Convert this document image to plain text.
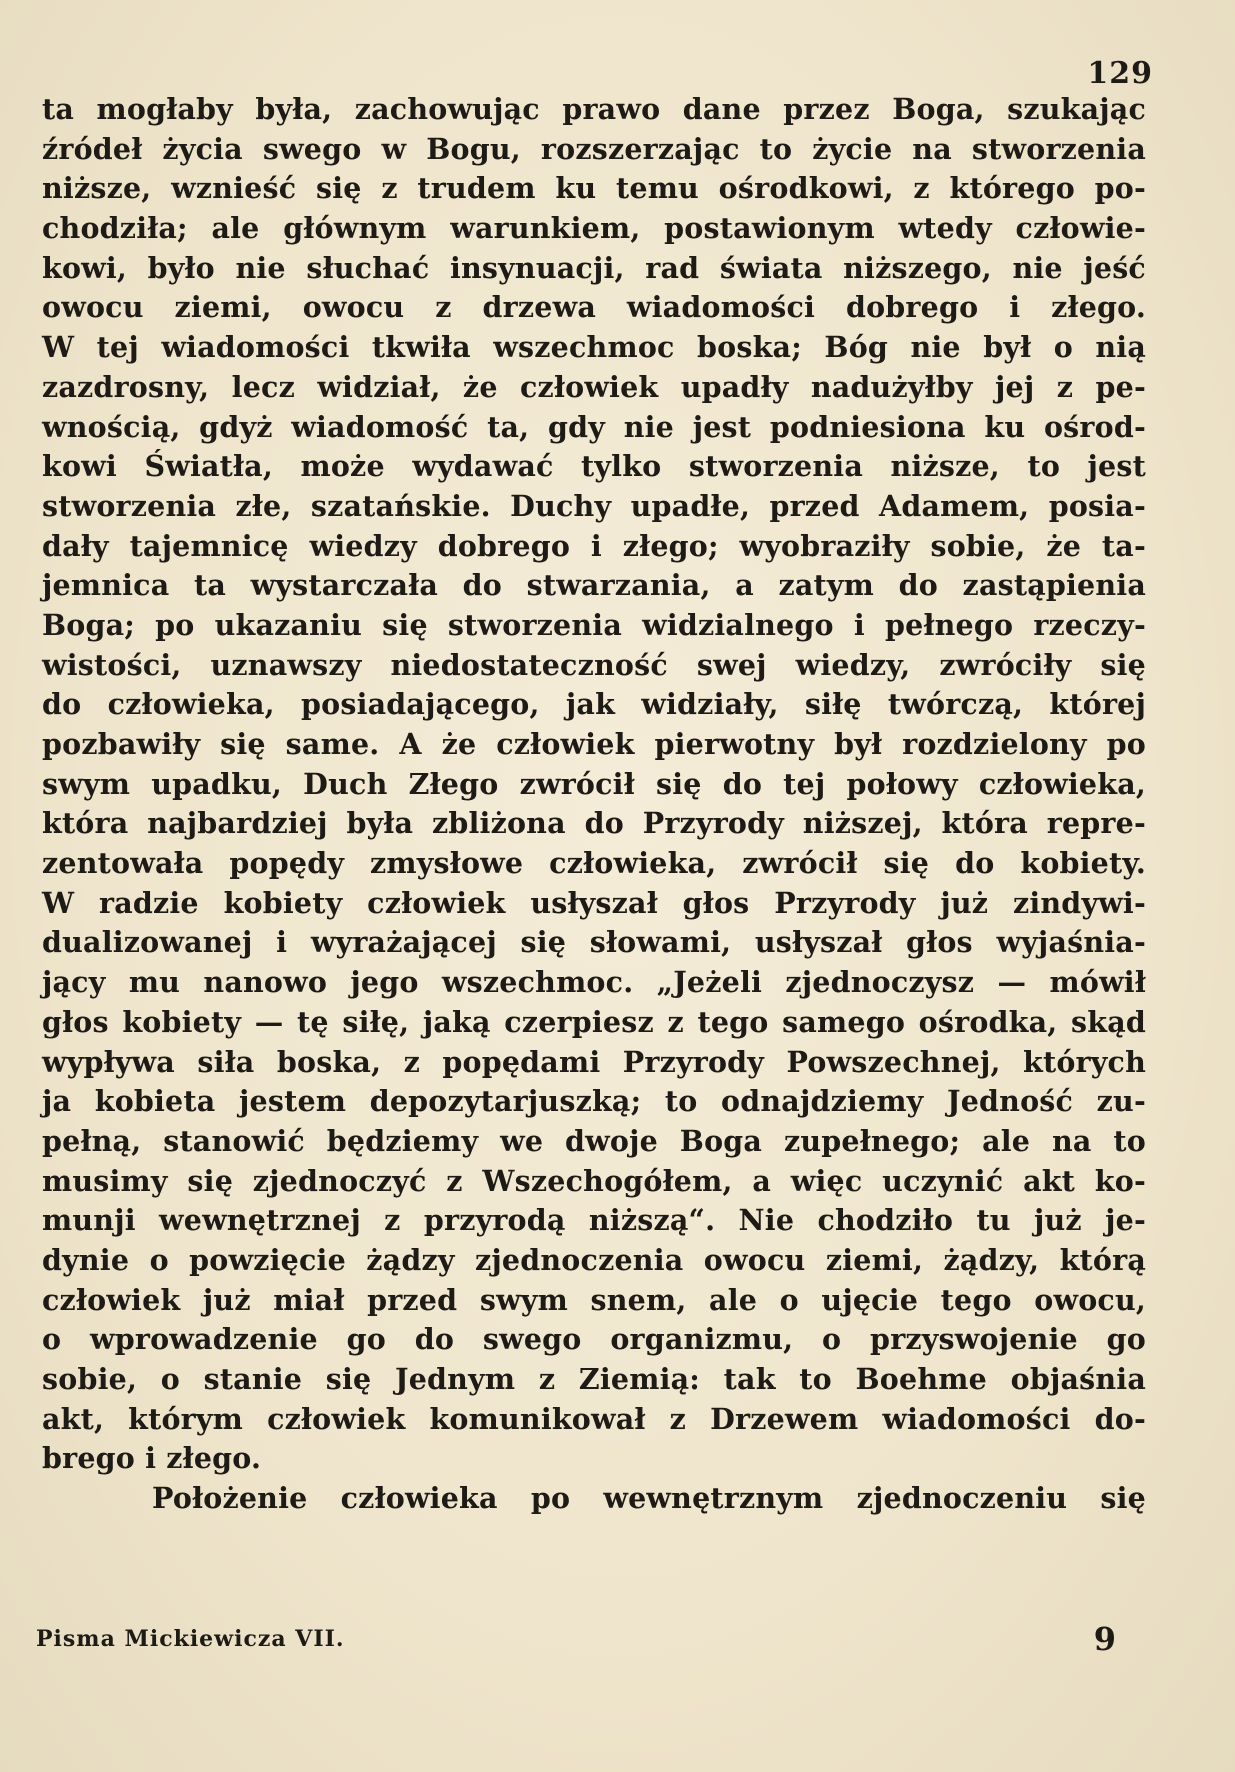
129
ta mogłaby była, zachowując prawo dane przez Boga, szukając
źródeł życia swego w Bogu, rozszerzając to życie na stworzenia
niższe, wznieść się z trudem ku temu ośrodkowi, z którego po-
chodziła; ale głównym warunkiem, postawionym wtedy człowie-
kowi, było nie słuchać insynuacji, rad świata niższego, nie jeść
owocu ziemi, owocu z drzewa wiadomości dobrego i złego.
W tej wiadomości tkwiła wszechmoc boska; Bóg nie był o nią
zazdrosny, lecz widział, że człowiek upadły nadużyłby jej z pe-
wnością, gdyż wiadomość ta, gdy nie jest podniesiona ku ośrod-
kowi Światła, może wydawać tylko stworzenia niższe, to jest
stworzenia złe, szatańskie. Duchy upadłe, przed Adamem, posia-
dały tajemnicę wiedzy dobrego i złego; wyobraziły sobie, że ta-
jemnica ta wystarczała do stwarzania, a zatym do zastąpienia
Boga; po ukazaniu się stworzenia widzialnego i pełnego rzeczy-
wistości, uznawszy niedostateczność swej wiedzy, zwróciły się
do człowieka, posiadającego, jak widziały, siłę twórczą, której
pozbawiły się same. A że człowiek pierwotny był rozdzielony po
swym upadku, Duch Złego zwrócił się do tej połowy człowieka,
która najbardziej była zbliżona do Przyrody niższej, która repre-
zentowała popędy zmysłowe człowieka, zwrócił się do kobiety.
W radzie kobiety człowiek usłyszał głos Przyrody już zindywi-
dualizowanej i wyrażającej się słowami, usłyszał głos wyjaśnia-
jący mu nanowo jego wszechmoc. „Jeżeli zjednoczysz — mówił
głos kobiety — tę siłę, jaką czerpiesz z tego samego ośrodka, skąd
wypływa siła boska, z popędami Przyrody Powszechnej, których
ja kobieta jestem depozytarjuszką; to odnajdziemy Jedność zu-
pełną, stanowić będziemy we dwoje Boga zupełnego; ale na to
musimy się zjednoczyć z Wszechogółem, a więc uczynić akt ko-
munji wewnętrznej z przyrodą niższą“. Nie chodziło tu już je-
dynie o powzięcie żądzy zjednoczenia owocu ziemi, żądzy, którą
człowiek już miał przed swym snem, ale o ujęcie tego owocu,
o wprowadzenie go do swego organizmu, o przyswojenie go
sobie, o stanie się Jednym z Ziemią: tak to Boehme objaśnia
akt, którym człowiek komunikował z Drzewem wiadomości do-
brego i złego.
Położenie człowieka po wewnętrznym zjednoczeniu się
Pisma Mickiewicza VII.	9
